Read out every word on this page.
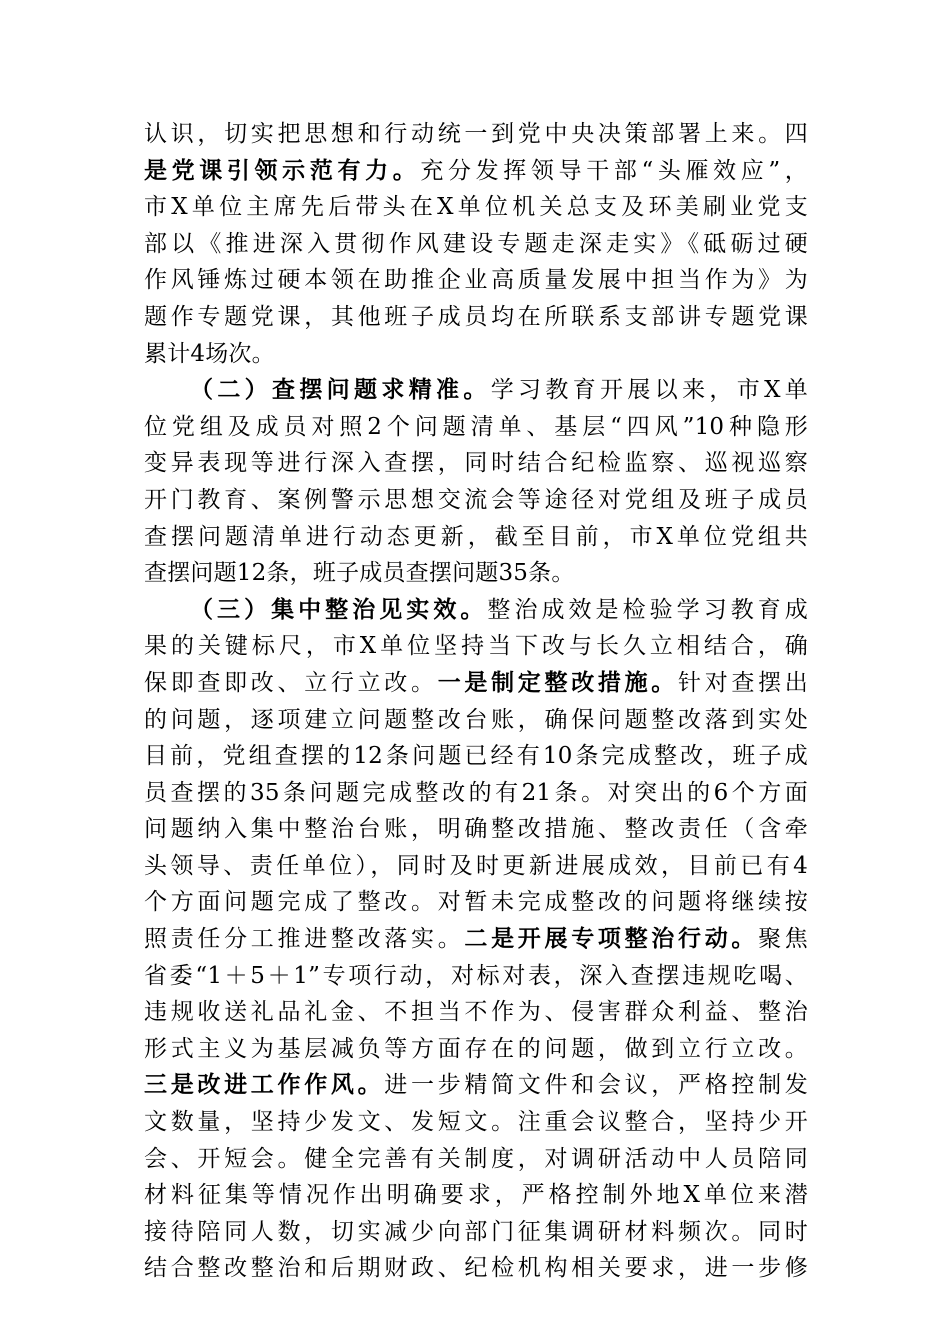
认识，切实把思想和行动统一到党中央决策部署上来。四
是党课引领示范有力。充分发挥领导干部“头雁效应”，
市X单位主席先后带头在X单位机关总支及环美刷业党支
部以《推进深入贯彻作风建设专题走深走实》《砥砺过硬
作风锤炼过硬本领在助推企业高质量发展中担当作为》为
题作专题党课，其他班子成员均在所联系支部讲专题党课
累计4场次。
（二）查摆问题求精准。学习教育开展以来，市X单
位党组及成员对照2个问题清单、基层“四风”10种隐形
变异表现等进行深入查摆，同时结合纪检监察、巡视巡察
开门教育、案例警示思想交流会等途径对党组及班子成员
查摆问题清单进行动态更新，截至目前，市X单位党组共
查摆问题12条，班子成员查摆问题35条。
（三）集中整治见实效。整治成效是检验学习教育成
果的关键标尺，市X单位坚持当下改与长久立相结合，确
保即查即改、立行立改。一是制定整改措施。针对查摆出
的问题，逐项建立问题整改台账，确保问题整改落到实处
目前，党组查摆的12条问题已经有10条完成整改，班子成
员查摆的35条问题完成整改的有21条。对突出的6个方面
问题纳入集中整治台账，明确整改措施、整改责任（含牵
头领导、责任单位），同时及时更新进展成效，目前已有4
个方面问题完成了整改。对暂未完成整改的问题将继续按
照责任分工推进整改落实。二是开展专项整治行动。聚焦
省委“1＋5＋1”专项行动，对标对表，深入查摆违规吃喝、
违规收送礼品礼金、不担当不作为、侵害群众利益、整治
形式主义为基层减负等方面存在的问题，做到立行立改。
三是改进工作作风。进一步精简文件和会议，严格控制发
文数量，坚持少发文、发短文。注重会议整合，坚持少开
会、开短会。健全完善有关制度，对调研活动中人员陪同
材料征集等情况作出明确要求，严格控制外地X单位来潜
接待陪同人数，切实减少向部门征集调研材料频次。同时
结合整改整治和后期财政、纪检机构相关要求，进一步修
